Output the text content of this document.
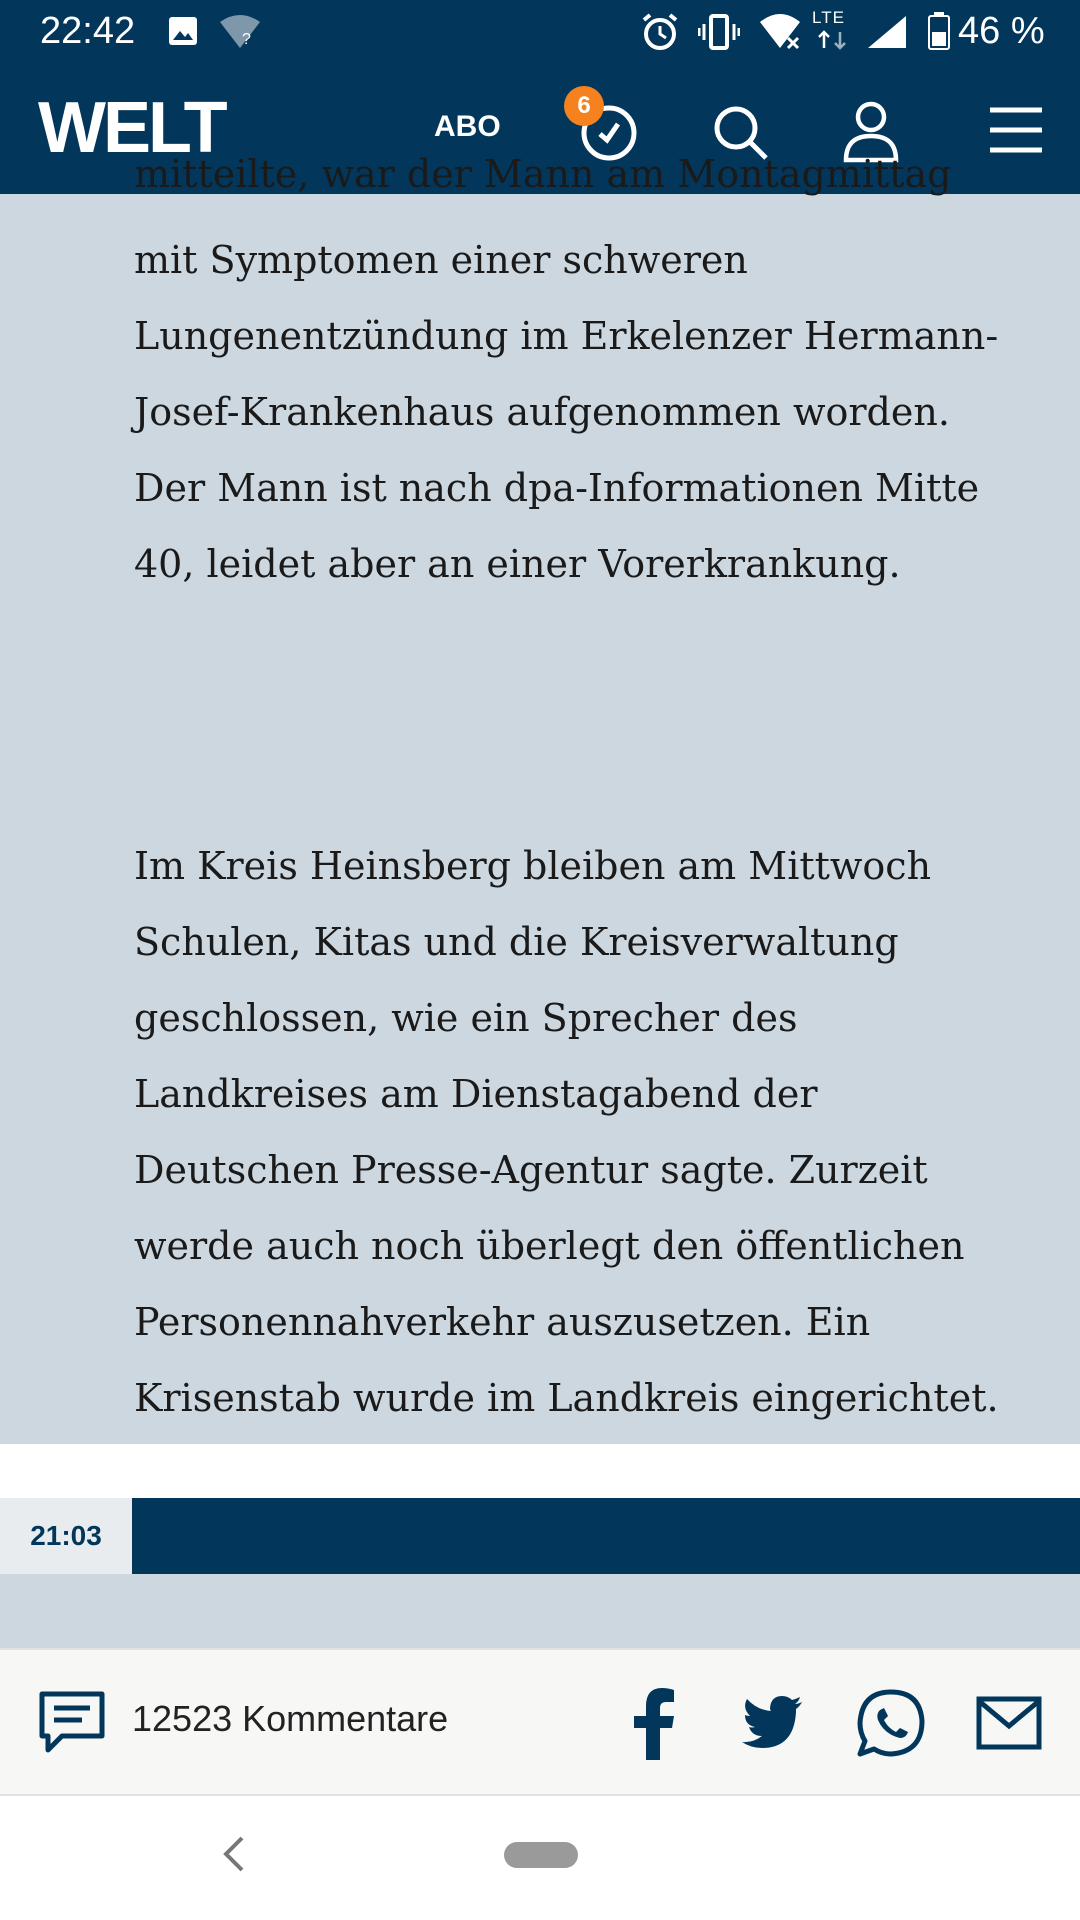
22:42	?
LTE	46 %
WELT	ABO
6
mitteilte, war der Mann am Montagmittag

mit Symptomen einer schweren Lungenentzündung im Erkelenzer Hermann-Josef-Krankenhaus aufgenommen worden. Der Mann ist nach dpa-Informationen Mitte 40, leidet aber an einer Vorerkrankung.

Im Kreis Heinsberg bleiben am Mittwoch Schulen, Kitas und die Kreisverwaltung geschlossen, wie ein Sprecher des Landkreises am Dienstagabend der Deutschen Presse-Agentur sagte. Zurzeit werde auch noch überlegt den öffentlichen Personennahverkehr auszusetzen. Ein Krisenstab wurde im Landkreis eingerichtet.

21:03
12523 Kommentare
